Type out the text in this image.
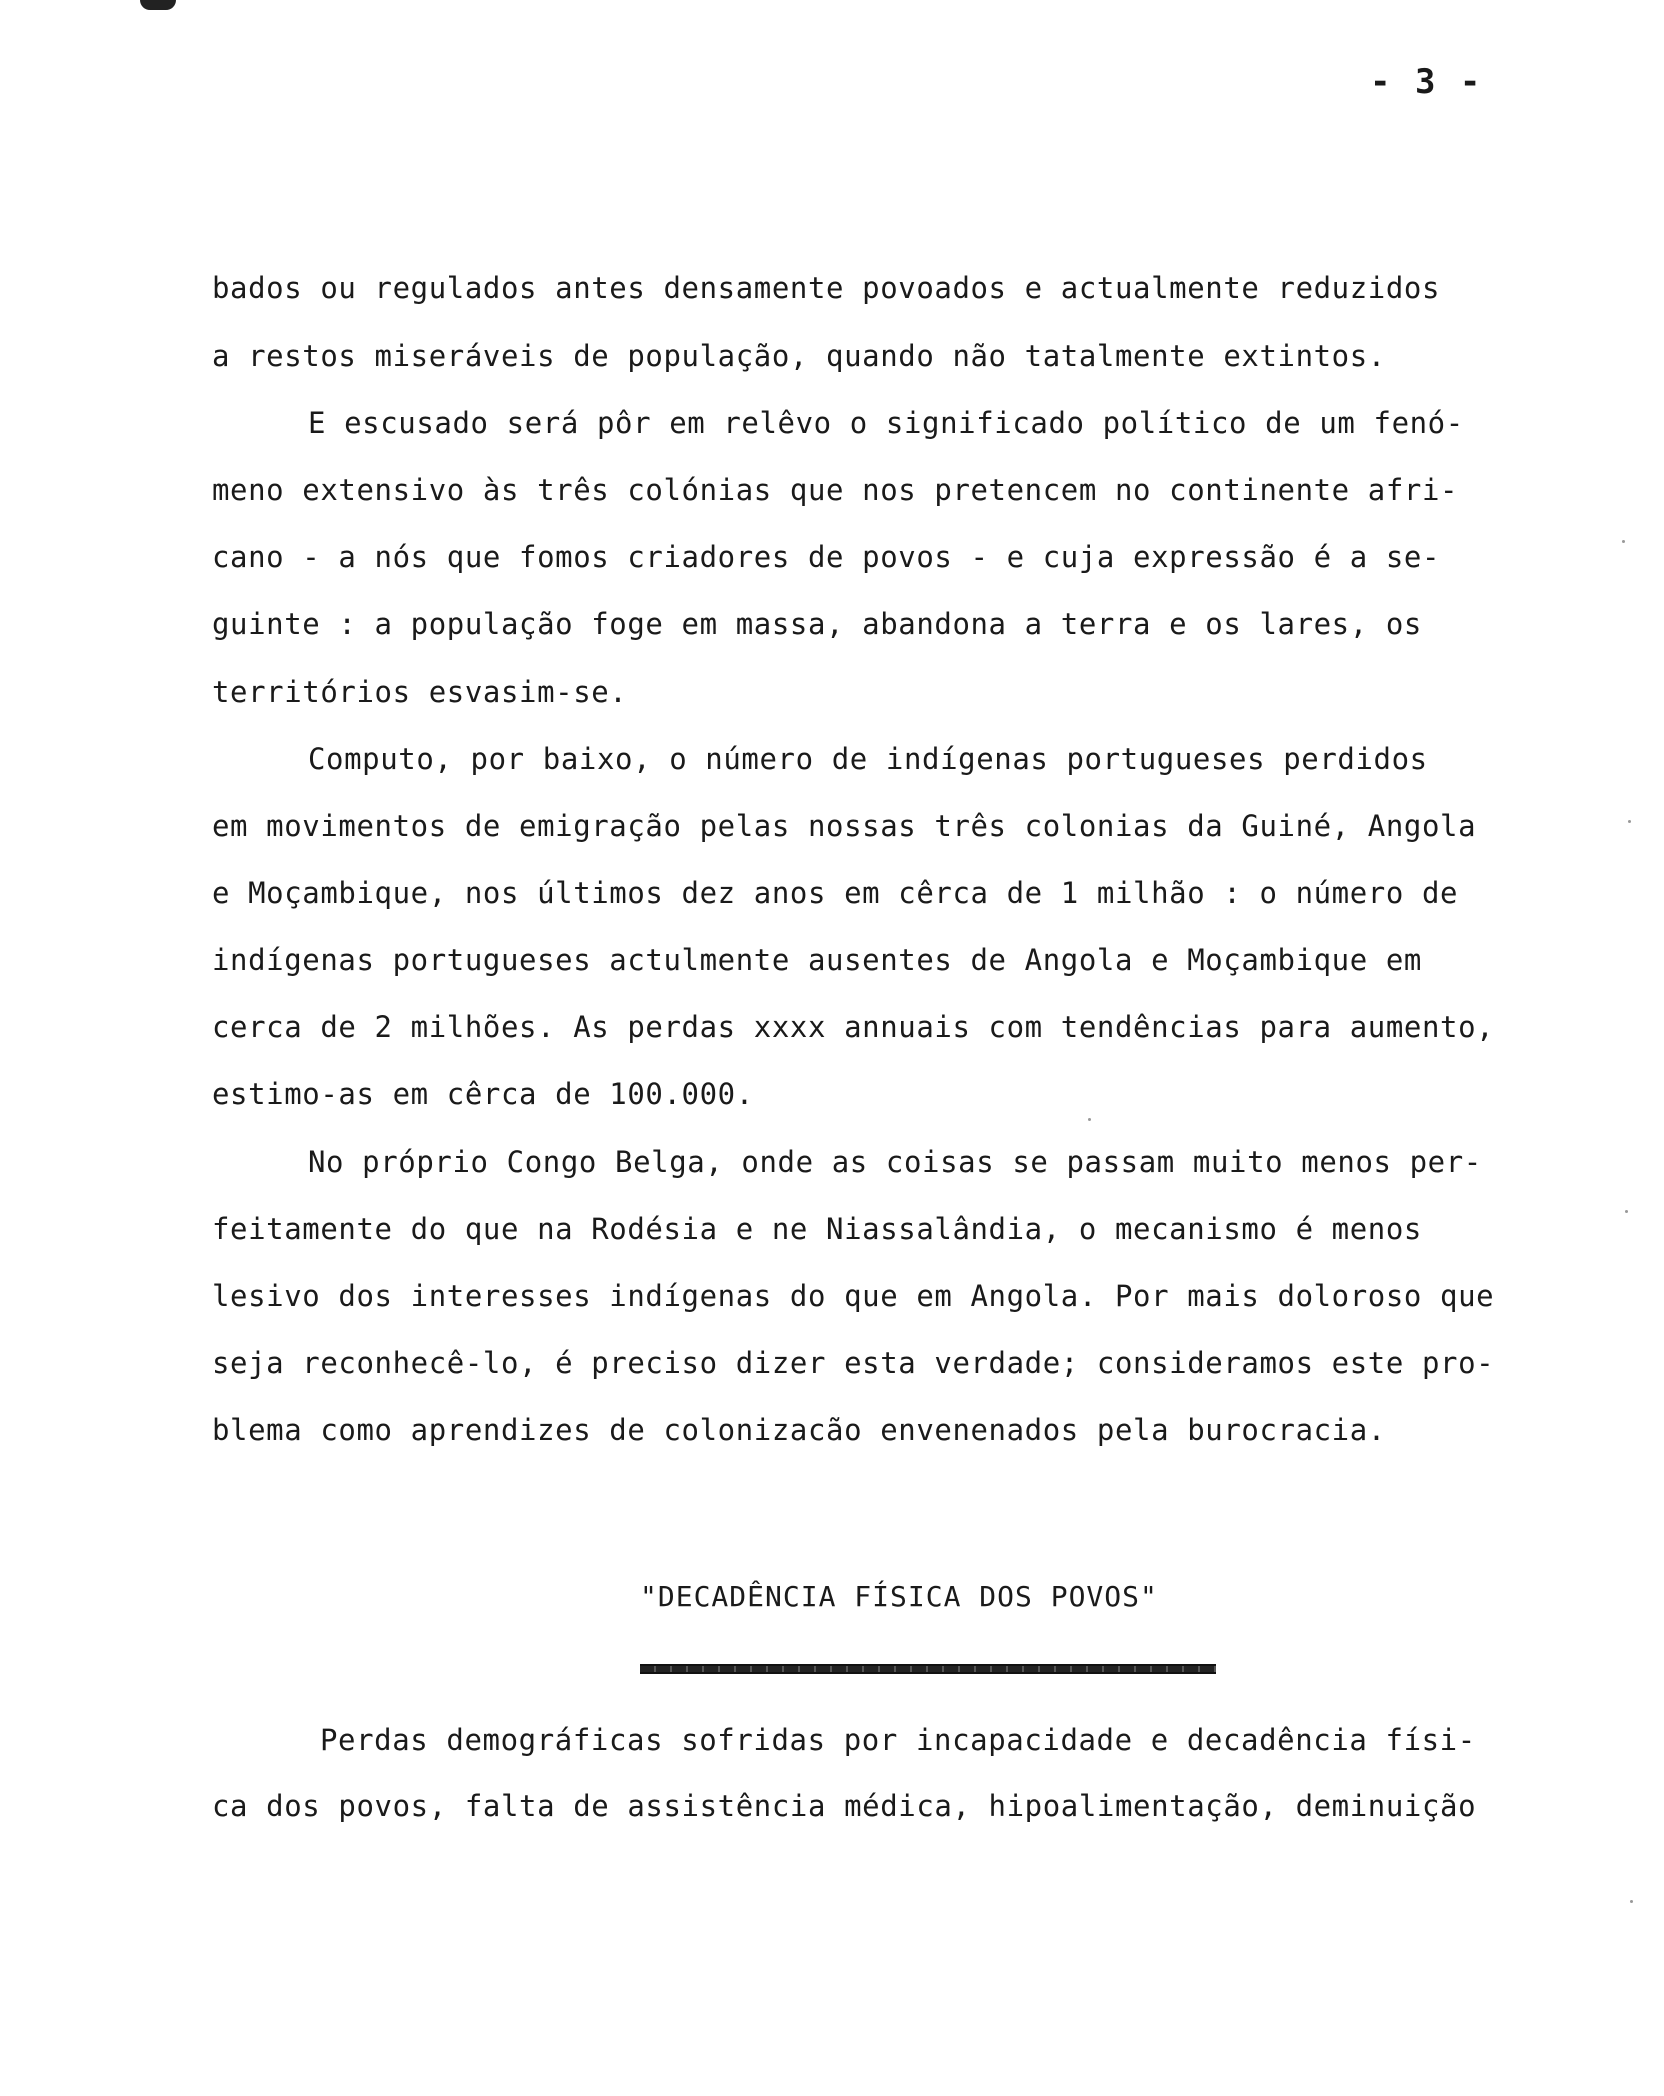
- 3 -
bados ou regulados antes densamente povoados e actualmente reduzidos
a restos miseráveis de população, quando não tatalmente extintos.
E escusado será pôr em relêvo o significado político de um fenó-
meno extensivo às três colónias que nos pretencem no continente afri-
cano - a nós que fomos criadores de povos - e cuja expressão é a se-
guinte : a população foge em massa, abandona a terra e os lares, os
territórios esvasim-se.
Computo, por baixo, o número de indígenas portugueses perdidos
em movimentos de emigração pelas nossas três colonias da Guiné, Angola
e Moçambique, nos últimos dez anos em cêrca de 1 milhão : o número de
indígenas portugueses actulmente ausentes de Angola e Moçambique em
cerca de 2 milhões. As perdas xxxx annuais com tendências para aumento,
estimo-as em cêrca de 100.000.
No próprio Congo Belga, onde as coisas se passam muito menos per-
feitamente do que na Rodésia e ne Niassalândia, o mecanismo é menos
lesivo dos interesses indígenas do que em Angola. Por mais doloroso que
seja reconhecê-lo, é preciso dizer esta verdade; consideramos este pro-
blema como aprendizes de colonizacão envenenados pela burocracia.
"DECADÊNCIA FÍSICA DOS POVOS"
Perdas demográficas sofridas por incapacidade e decadência físi-
ca dos povos, falta de assistência médica, hipoalimentação, deminuição
